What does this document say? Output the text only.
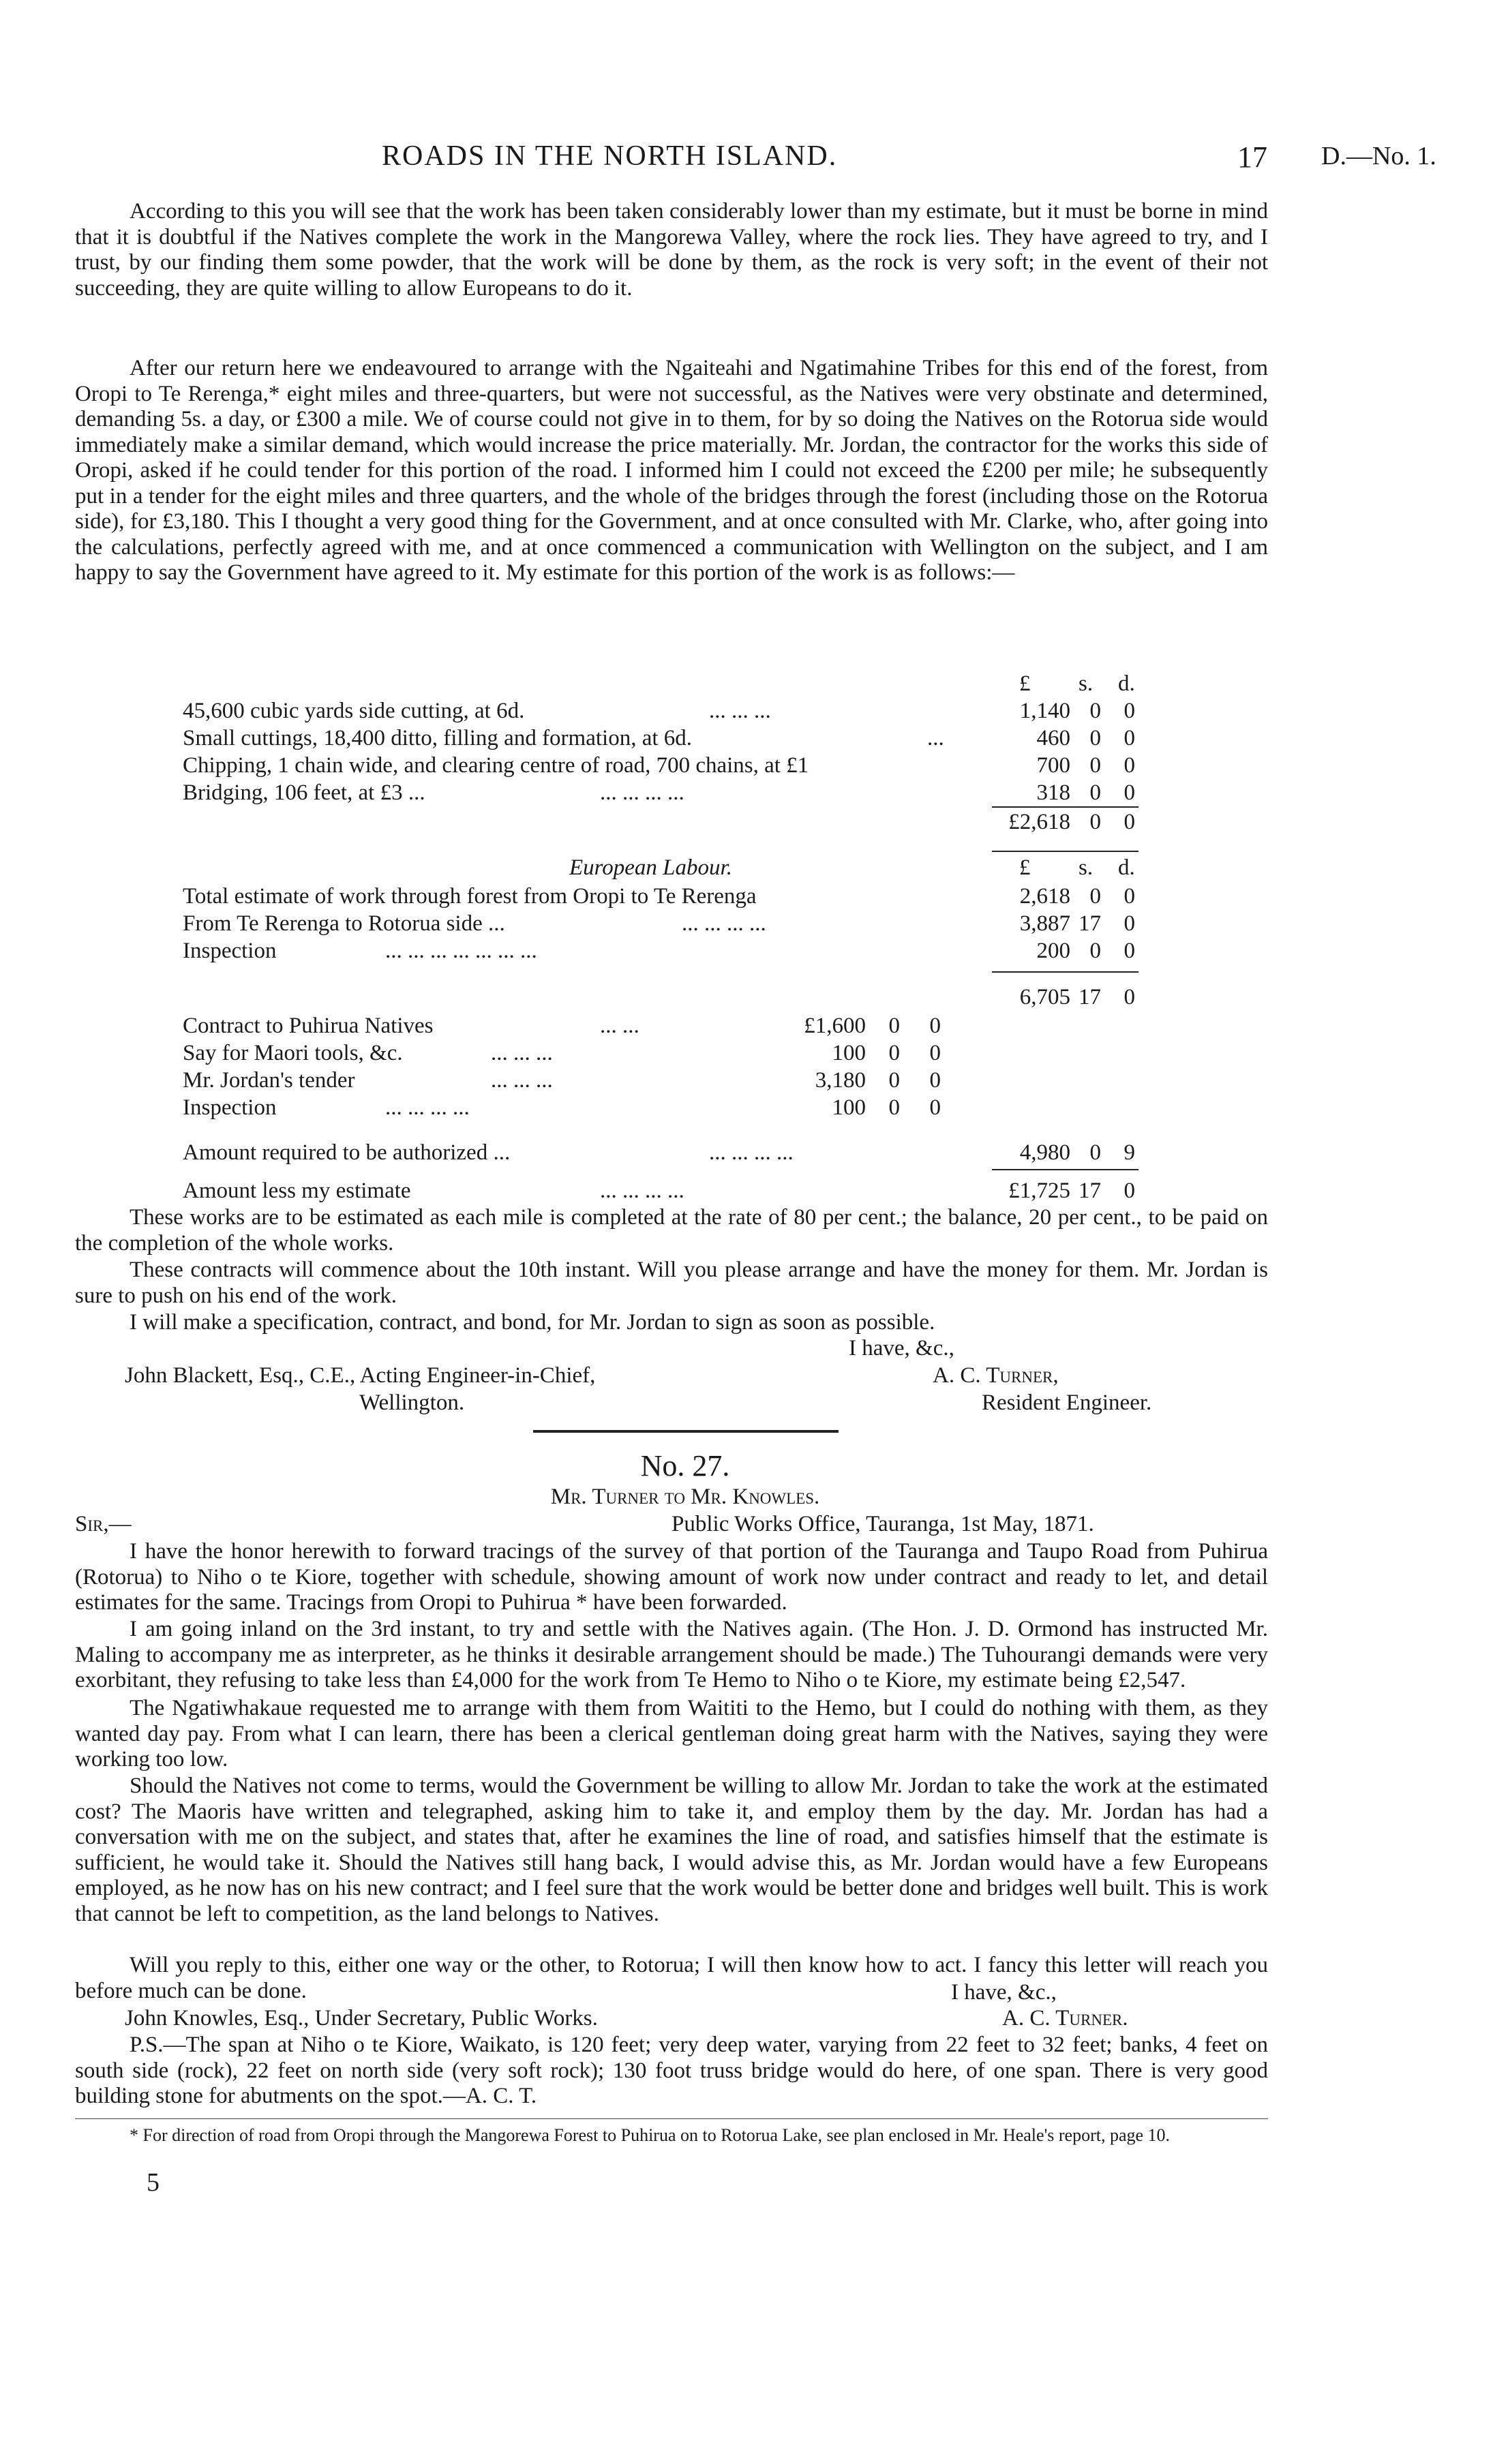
ROADS IN THE NORTH ISLAND.	17 D.—No. 1.

According to this you will see that the work has been taken considerably lower than my estimate, but it must be borne in mind that it is doubtful if the Natives complete the work in the Mangorewa Valley, where the rock lies. They have agreed to try, and I trust, by our finding them some powder, that the work will be done by them, as the rock is very soft; in the event of their not succeeding, they are quite willing to allow Europeans to do it.

After our return here we endeavoured to arrange with the Ngaiteahi and Ngatimahine Tribes for this end of the forest, from Oropi to Te Rerenga,* eight miles and three-quarters, but were not successful, as the Natives were very obstinate and determined, demanding 5s. a day, or £300 a mile. We of course could not give in to them, for by so doing the Natives on the Rotorua side would immediately make a similar demand, which would increase the price materially. Mr. Jordan, the contractor for the works this side of Oropi, asked if he could tender for this portion of the road. I informed him I could not exceed the £200 per mile; he subsequently put in a tender for the eight miles and three quarters, and the whole of the bridges through the forest (including those on the Rotorua side), for £3,180. This I thought a very good thing for the Government, and at once consulted with Mr. Clarke, who, after going into the calculations, perfectly agreed with me, and at once commenced a communication with Wellington on the subject, and I am happy to say the Government have agreed to it. My estimate for this portion of the work is as follows:—

£ s. d.
45,600 cubic yards side cutting, at 6d.	... ... ...	1,140 0	0
Small cuttings, 18,400 ditto, filling and formation, at 6d.	...	460 0	0
Chipping, 1 chain wide, and clearing centre of road, 700 chains, at £1	700 0	0
Bridging, 106 feet, at £3 ...	... ... ... ...	318 0	0
£2,618 0	0
European Labour.	£ s. d.
Total estimate of work through forest from Oropi to Te Rerenga	2,618 0	0
From Te Rerenga to Rotorua side ...	... ... ... ...	3,887 17	0
Inspection	... ... ... ... ... ... ...	200 0	0
6,705 17	0
Contract to Puhirua Natives	... ...	£1,600	0	0
Say for Maori tools, &c.	... ... ...	100	0	0
Mr. Jordan's tender	... ... ...	3,180	0	0
Inspection	... ... ... ...	100	0	0
Amount required to be authorized ...	... ... ... ...	4,980 0	9
Amount less my estimate	... ... ... ...	£1,725 17	0

These works are to be estimated as each mile is completed at the rate of 80 per cent.; the balance, 20 per cent., to be paid on the completion of the whole works.

These contracts will commence about the 10th instant. Will you please arrange and have the money for them. Mr. Jordan is sure to push on his end of the work.

I will make a specification, contract, and bond, for Mr. Jordan to sign as soon as possible.

I have, &c.,
John Blackett, Esq., C.E., Acting Engineer-in-Chief,	A. C. Turner,
Wellington.	Resident Engineer.
No. 27.
Mr. Turner to Mr. Knowles.
Sir,—	Public Works Office, Tauranga, 1st May, 1871.

I have the honor herewith to forward tracings of the survey of that portion of the Tauranga and Taupo Road from Puhirua (Rotorua) to Niho o te Kiore, together with schedule, showing amount of work now under contract and ready to let, and detail estimates for the same. Tracings from Oropi to Puhirua * have been forwarded.

I am going inland on the 3rd instant, to try and settle with the Natives again. (The Hon. J. D. Ormond has instructed Mr. Maling to accompany me as interpreter, as he thinks it desirable arrangement should be made.) The Tuhourangi demands were very exorbitant, they refusing to take less than £4,000 for the work from Te Hemo to Niho o te Kiore, my estimate being £2,547.

The Ngatiwhakaue requested me to arrange with them from Waititi to the Hemo, but I could do nothing with them, as they wanted day pay. From what I can learn, there has been a clerical gentleman doing great harm with the Natives, saying they were working too low.

Should the Natives not come to terms, would the Government be willing to allow Mr. Jordan to take the work at the estimated cost? The Maoris have written and telegraphed, asking him to take it, and employ them by the day. Mr. Jordan has had a conversation with me on the subject, and states that, after he examines the line of road, and satisfies himself that the estimate is sufficient, he would take it. Should the Natives still hang back, I would advise this, as Mr. Jordan would have a few Europeans employed, as he now has on his new contract; and I feel sure that the work would be better done and bridges well built. This is work that cannot be left to competition, as the land belongs to Natives.

Will you reply to this, either one way or the other, to Rotorua; I will then know how to act. I fancy this letter will reach you before much can be done.	I have, &c.,
John Knowles, Esq., Under Secretary, Public Works.	A. C. Turner.

P.S.—The span at Niho o te Kiore, Waikato, is 120 feet; very deep water, varying from 22 feet to 32 feet; banks, 4 feet on south side (rock), 22 feet on north side (very soft rock); 130 foot truss bridge would do here, of one span. There is very good building stone for abutments on the spot.—A. C. T.

* For direction of road from Oropi through the Mangorewa Forest to Puhirua on to Rotorua Lake, see plan enclosed in Mr. Heale's report, page 10.

5
